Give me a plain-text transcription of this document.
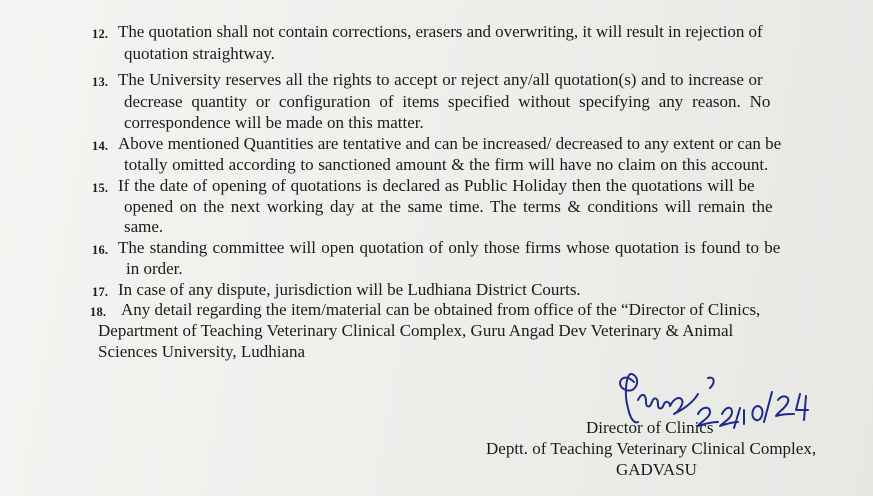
12. The quotation shall not contain corrections, erasers and overwriting, it will result in rejection of
quotation straightway.
13. The University reserves all the rights to accept or reject any/all quotation(s) and to increase or
decrease quantity or configuration of items specified without specifying any reason. No
correspondence will be made on this matter.
14. Above mentioned Quantities are tentative and can be increased/ decreased to any extent or can be
totally omitted according to sanctioned amount & the firm will have no claim on this account.
15. If the date of opening of quotations is declared as Public Holiday then the quotations will be
opened on the next working day at the same time. The terms & conditions will remain the
same.
16. The standing committee will open quotation of only those firms whose quotation is found to be
in order.
17. In case of any dispute, jurisdiction will be Ludhiana District Courts.
18. Any detail regarding the item/material can be obtained from office of the “Director of Clinics,
Department of Teaching Veterinary Clinical Complex, Guru Angad Dev Veterinary & Animal
Sciences University, Ludhiana
Director of Clinics
Deptt. of Teaching Veterinary Clinical Complex,
GADVASU
